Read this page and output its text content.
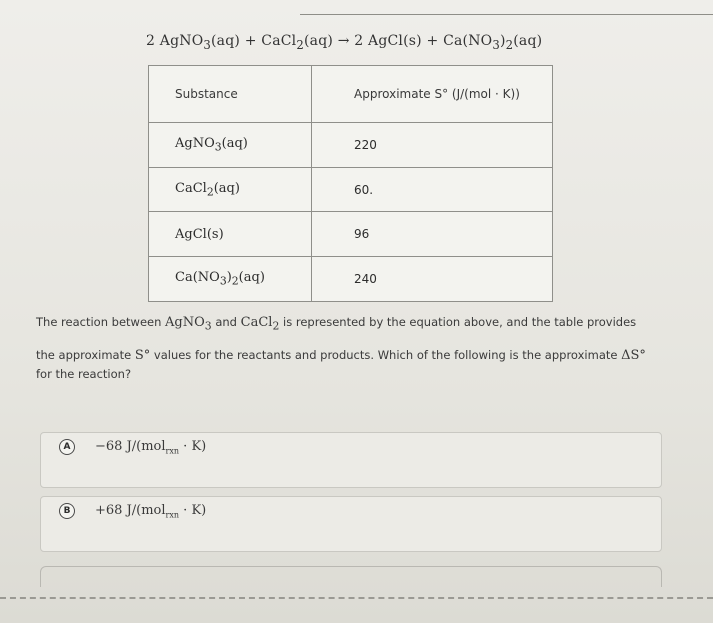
2 AgNO$_3$(aq) + CaCl$_2$(aq) → 2 AgCl(s) + $Ca(NO_3)_2(aq)$
Substance	Approximate S° (J/(mol · K))
AgNO$_3$(aq)	220
CaCl$_2$(aq)	60.
AgCl(s)	96
$Ca(NO_3)_2(aq)$	240
The reaction between AgNO$_3$ and CaCl$_2$ is represented by the equation above, and the table provides
the approximate S° values for the reactants and products. Which of the following is the approximate ΔS°
for the reaction?
A	−68 J/(mol$_{rxn}$ · K)
B	+68 J/(mol$_{rxn}$ · K)
